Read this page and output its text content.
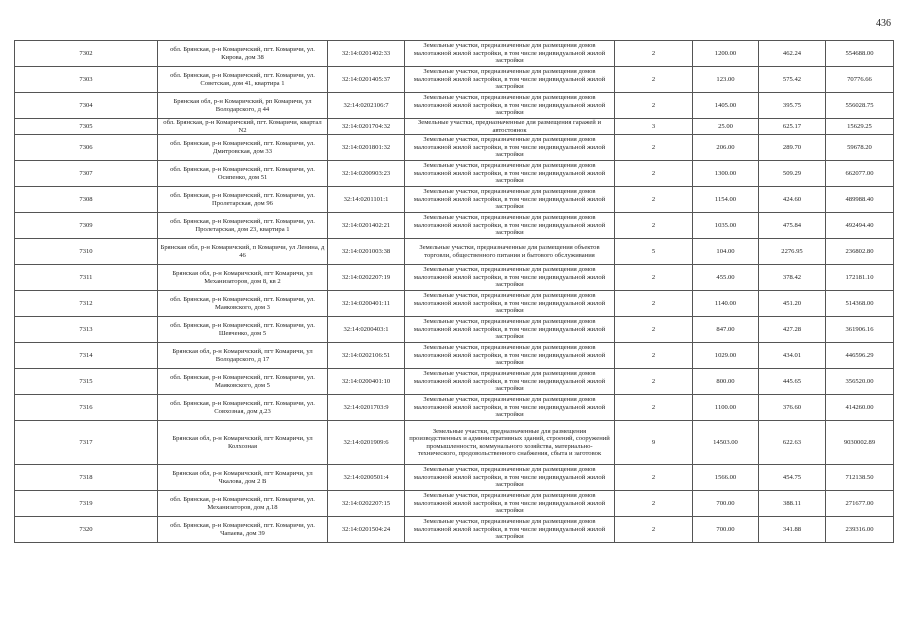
436
7302	обл. Брянская, р-н Комаричский, пгт. Комаричи, ул. Кирова, дом 38	32:14:0201402:33	Земельные участки, предназначенные для размещения домов малоэтажной жилой застройки, в том числе индивидуальной жилой застройки	2	1200.00	462.24	554688.00
7303	обл. Брянская, р-н Комаричский, пгт. Комаричи, ул. Советская, дом 41, квартира 1	32:14:0201405:37	Земельные участки, предназначенные для размещения домов малоэтажной жилой застройки, в том числе индивидуальной жилой застройки	2	123.00	575.42	70776.66
7304	Брянская обл, р-н Комаричский, рп Комаричи, ул Володарского, д 44	32:14:0202106:7	Земельные участки, предназначенные для размещения домов малоэтажной жилой застройки, в том числе индивидуальной жилой застройки	2	1405.00	395.75	556028.75
7305	обл. Брянская, р-н Комаричский, пгт. Комаричи, квартал N2	32:14:0201704:32	Земельные участки, предназначенные для размещения гаражей и автостоянок	3	25.00	625.17	15629.25
7306	обл. Брянская, р-н Комаричский, пгт. Комаричи, ул. Дмитровская, дом 33	32:14:0201801:32	Земельные участки, предназначенные для размещения домов малоэтажной жилой застройки, в том числе индивидуальной жилой застройки	2	206.00	289.70	59678.20
7307	обл. Брянская, р-н Комаричский, пгт. Комаричи, ул. Осипенко, дом 51	32:14:0200903:23	Земельные участки, предназначенные для размещения домов малоэтажной жилой застройки, в том числе индивидуальной жилой застройки	2	1300.00	509.29	662077.00
7308	обл. Брянская, р-н Комаричский, пгт. Комаричи, ул. Пролетарская, дом 96	32:14:0201101:1	Земельные участки, предназначенные для размещения домов малоэтажной жилой застройки, в том числе индивидуальной жилой застройки	2	1154.00	424.60	489988.40
7309	обл. Брянская, р-н Комаричский, пгт. Комаричи, ул. Пролетарская, дом 23, квартира 1	32:14:0201402:21	Земельные участки, предназначенные для размещения домов малоэтажной жилой застройки, в том числе индивидуальной жилой застройки	2	1035.00	475.84	492494.40
7310	Брянская обл, р-н Комаричский, п Комаричи, ул Ленина, д 46	32:14:0201003:38	Земельные участки, предназначенные для размещения объектов торговли, общественного питания и бытового обслуживания	5	104.00	2276.95	236802.80
7311	Брянская обл, р-н Комаричский, пгт Комаричи, ул Механизаторов, дом 8, кв 2	32:14:0202207:19	Земельные участки, предназначенные для размещения домов малоэтажной жилой застройки, в том числе индивидуальной жилой застройки	2	455.00	378.42	172181.10
7312	обл. Брянская, р-н Комаричский, пгт. Комаричи, ул. Маяковского, дом 3	32:14:0200401:11	Земельные участки, предназначенные для размещения домов малоэтажной жилой застройки, в том числе индивидуальной жилой застройки	2	1140.00	451.20	514368.00
7313	обл. Брянская, р-н Комаричский, пгт. Комаричи, ул. Шевченко, дом 5	32:14:0200403:1	Земельные участки, предназначенные для размещения домов малоэтажной жилой застройки, в том числе индивидуальной жилой застройки	2	847.00	427.28	361906.16
7314	Брянская обл, р-н Комаричский, пгт Комаричи, ул Володарского, д 17	32:14:0202106:51	Земельные участки, предназначенные для размещения домов малоэтажной жилой застройки, в том числе индивидуальной жилой застройки	2	1029.00	434.01	446596.29
7315	обл. Брянская, р-н Комаричский, пгт. Комаричи, ул. Маяковского, дом 5	32:14:0200401:10	Земельные участки, предназначенные для размещения домов малоэтажной жилой застройки, в том числе индивидуальной жилой застройки	2	800.00	445.65	356520.00
7316	обл. Брянская, р-н Комаричский, пгт. Комаричи, ул. Совхозная, дом д.23	32:14:0201703:9	Земельные участки, предназначенные для размещения домов малоэтажной жилой застройки, в том числе индивидуальной жилой застройки	2	1100.00	376.60	414260.00
7317	Брянская обл, р-н Комаричский, пгт Комаричи, ул Колхозная	32:14:0201909:6	Земельные участки, предназначенные для размещения производственных и административных зданий, строений, сооружений промышленности, коммунального хозяйства, материально-технического, продовольственного снабжения, сбыта и заготовок	9	14503.00	622.63	9030002.89
7318	Брянская обл, р-н Комаричский, пгт Комаричи, ул Чкалова, дом 2 В	32:14:0200501:4	Земельные участки, предназначенные для размещения домов малоэтажной жилой застройки, в том числе индивидуальной жилой застройки	2	1566.00	454.75	712138.50
7319	обл. Брянская, р-н Комаричский, пгт. Комаричи, ул. Механизаторов, дом д.18	32:14:0202207:15	Земельные участки, предназначенные для размещения домов малоэтажной жилой застройки, в том числе индивидуальной жилой застройки	2	700.00	388.11	271677.00
7320	обл. Брянская, р-н Комаричский, пгт. Комаричи, ул. Чапаева, дом 39	32:14:0201504:24	Земельные участки, предназначенные для размещения домов малоэтажной жилой застройки, в том числе индивидуальной жилой застройки	2	700.00	341.88	239316.00
